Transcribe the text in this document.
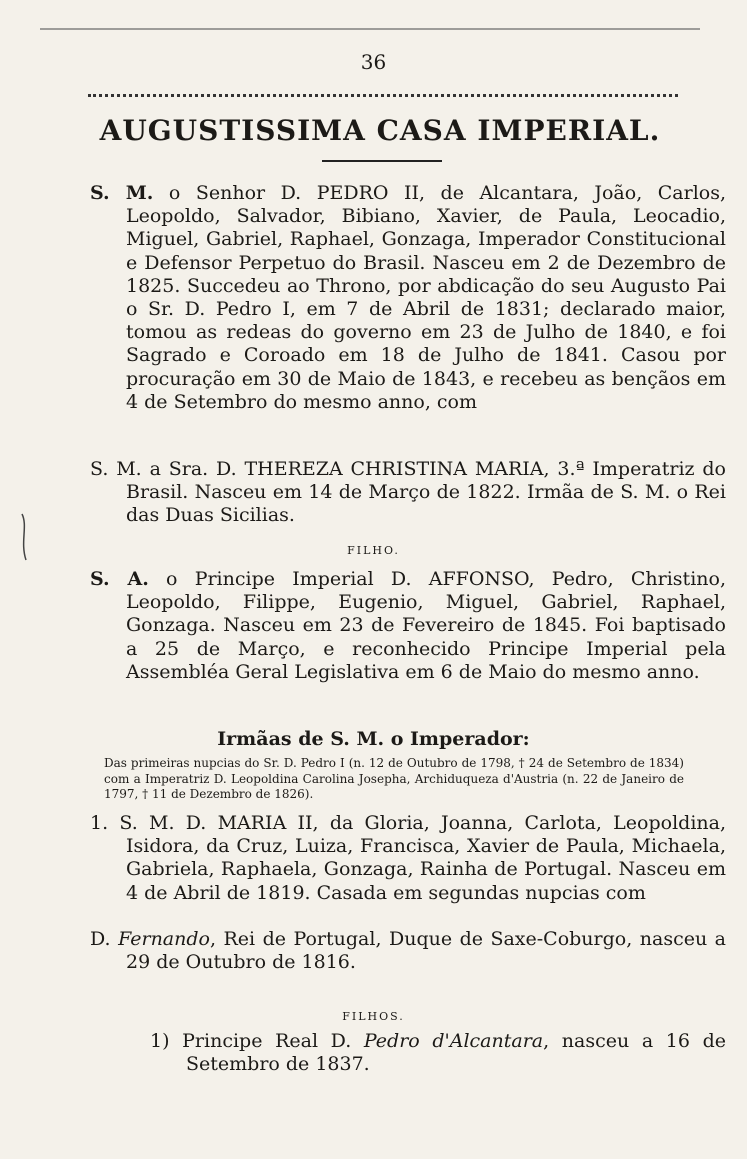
36
AUGUSTISSIMA CASA IMPERIAL.
S. M. o Senhor D. PEDRO II, de Alcantara, João, Carlos, Leopoldo, Salvador, Bibiano, Xavier, de Paula, Leocadio, Miguel, Gabriel, Raphael, Gonzaga, Imperador Constitucional e Defensor Perpetuo do Brasil. Nasceu em 2 de Dezembro de 1825. Succedeu ao Throno, por abdicação do seu Augusto Pai o Sr. D. Pedro I, em 7 de Abril de 1831; declarado maior, tomou as redeas do governo em 23 de Julho de 1840, e foi Sagrado e Coroado em 18 de Julho de 1841. Casou por procuração em 30 de Maio de 1843, e recebeu as bençãos em 4 de Setembro do mesmo anno, com
S. M. a Sra. D. THEREZA CHRISTINA MARIA, 3.ª Imperatriz do Brasil. Nasceu em 14 de Março de 1822. Irmãa de S. M. o Rei das Duas Sicilias.
FILHO.
S. A. o Principe Imperial D. AFFONSO, Pedro, Christino, Leopoldo, Filippe, Eugenio, Miguel, Gabriel, Raphael, Gonzaga. Nasceu em 23 de Fevereiro de 1845. Foi baptisado a 25 de Março, e reconhecido Principe Imperial pela Assembléa Geral Legislativa em 6 de Maio do mesmo anno.
Irmãas de S. M. o Imperador:
Das primeiras nupcias do Sr. D. Pedro I (n. 12 de Outubro de 1798, † 24 de Setembro de 1834) com a Imperatriz D. Leopoldina Carolina Josepha, Archiduqueza d'Austria (n. 22 de Janeiro de 1797, † 11 de Dezembro de 1826).
1. S. M. D. MARIA II, da Gloria, Joanna, Carlota, Leopoldina, Isidora, da Cruz, Luiza, Francisca, Xavier de Paula, Michaela, Gabriela, Raphaela, Gonzaga, Rainha de Portugal. Nasceu em 4 de Abril de 1819. Casada em segundas nupcias com
D. Fernando, Rei de Portugal, Duque de Saxe-Coburgo, nasceu a 29 de Outubro de 1816.
FILHOS.
1) Principe Real D. Pedro d'Alcantara, nasceu a 16 de Setembro de 1837.
